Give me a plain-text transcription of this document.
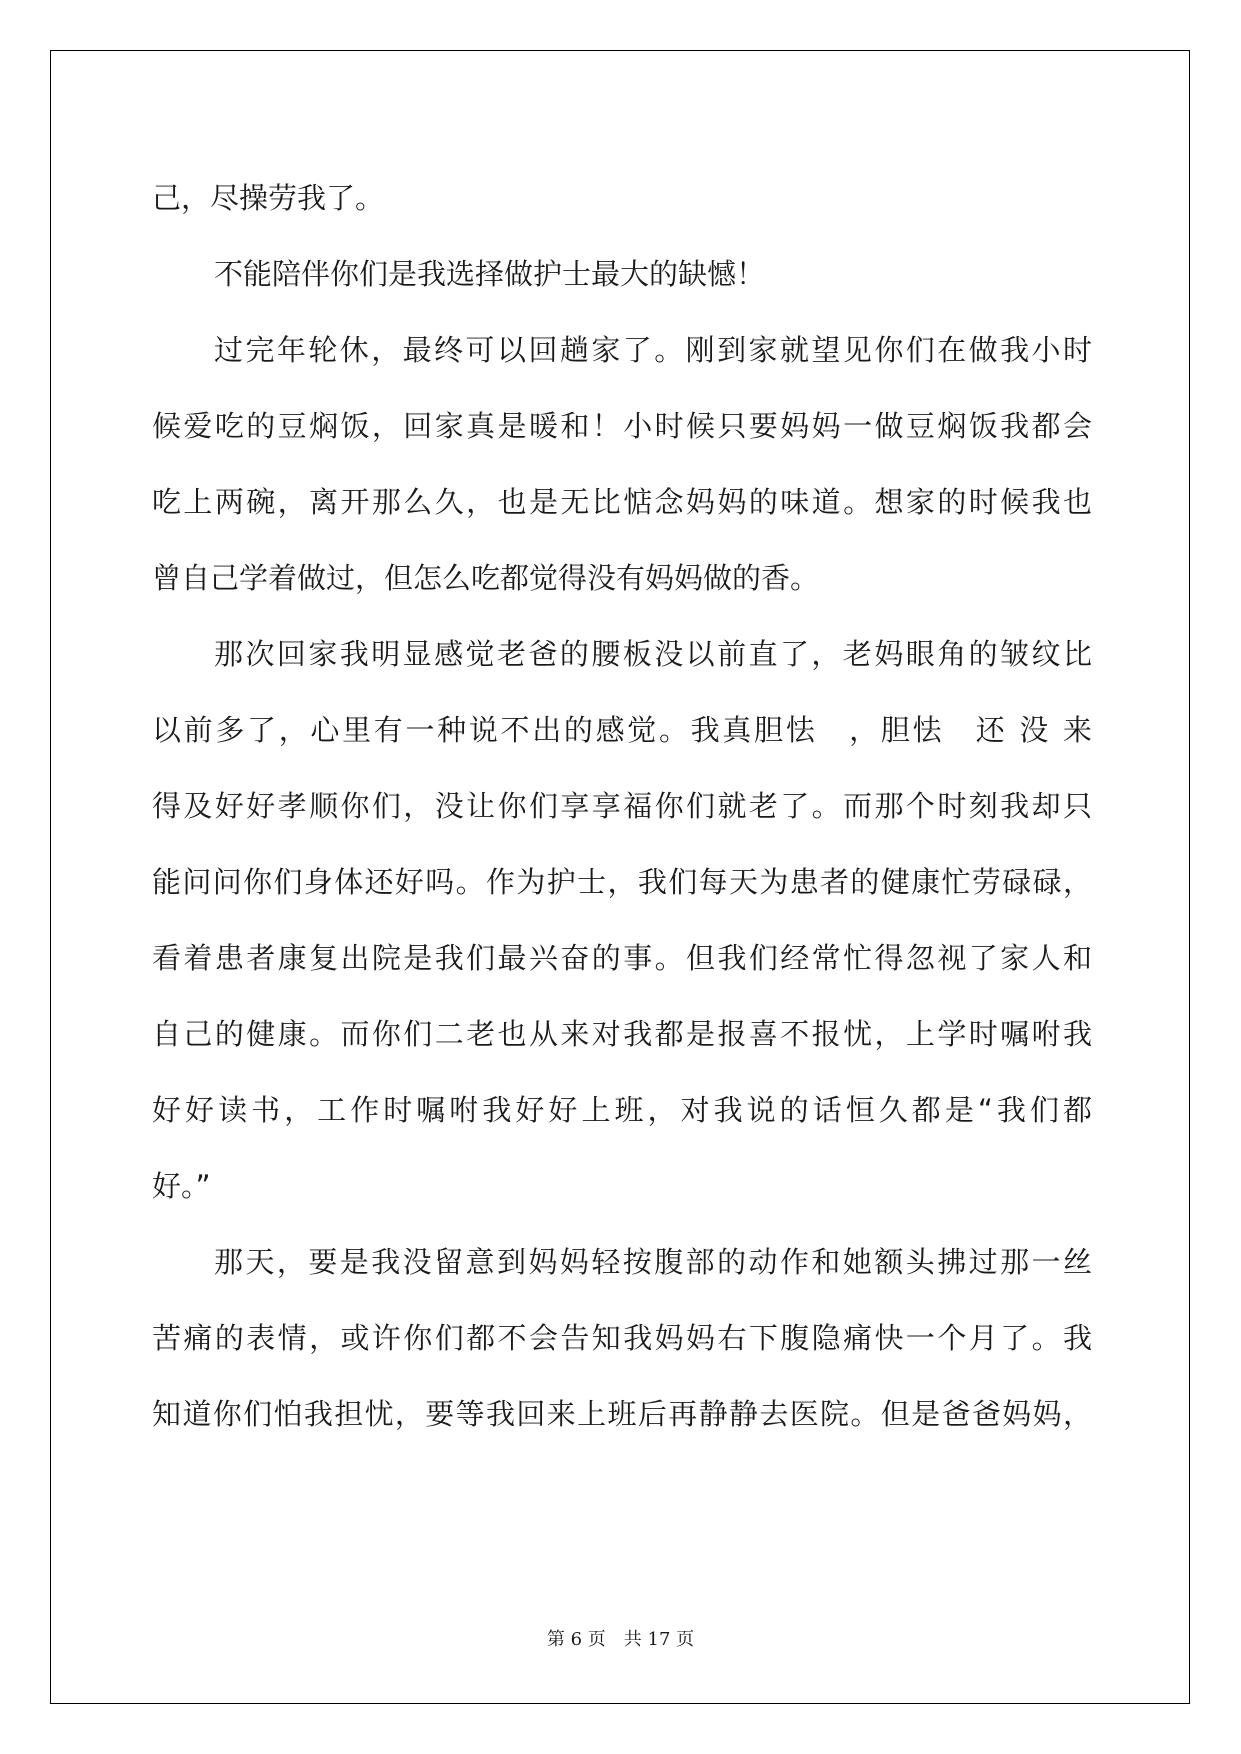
己，尽操劳我了。
不能陪伴你们是我选择做护士最大的缺憾！
过完年轮休，最终可以回趟家了。刚到家就望见你们在做我小时
候爱吃的豆焖饭，回家真是暖和！小时候只要妈妈一做豆焖饭我都会
吃上两碗，离开那么久，也是无比惦念妈妈的味道。想家的时候我也
曾自己学着做过，但怎么吃都觉得没有妈妈做的香。
那次回家我明显感觉老爸的腰板没以前直了，老妈眼角的皱纹比
以前多了，心里有一种说不出的感觉。我真胆怯　，胆怯　还 没 来
得及好好孝顺你们，没让你们享享福你们就老了。而那个时刻我却只
能问问你们身体还好吗。作为护士，我们每天为患者的健康忙劳碌碌，
看着患者康复出院是我们最兴奋的事。但我们经常忙得忽视了家人和
自己的健康。而你们二老也从来对我都是报喜不报忧，上学时嘱咐我
好好读书，工作时嘱咐我好好上班，对我说的话恒久都是“我们都
好。”
那天，要是我没留意到妈妈轻按腹部的动作和她额头拂过那一丝
苦痛的表情，或许你们都不会告知我妈妈右下腹隐痛快一个月了。我
知道你们怕我担忧，要等我回来上班后再静静去医院。但是爸爸妈妈，
第 6 页　共 17 页
